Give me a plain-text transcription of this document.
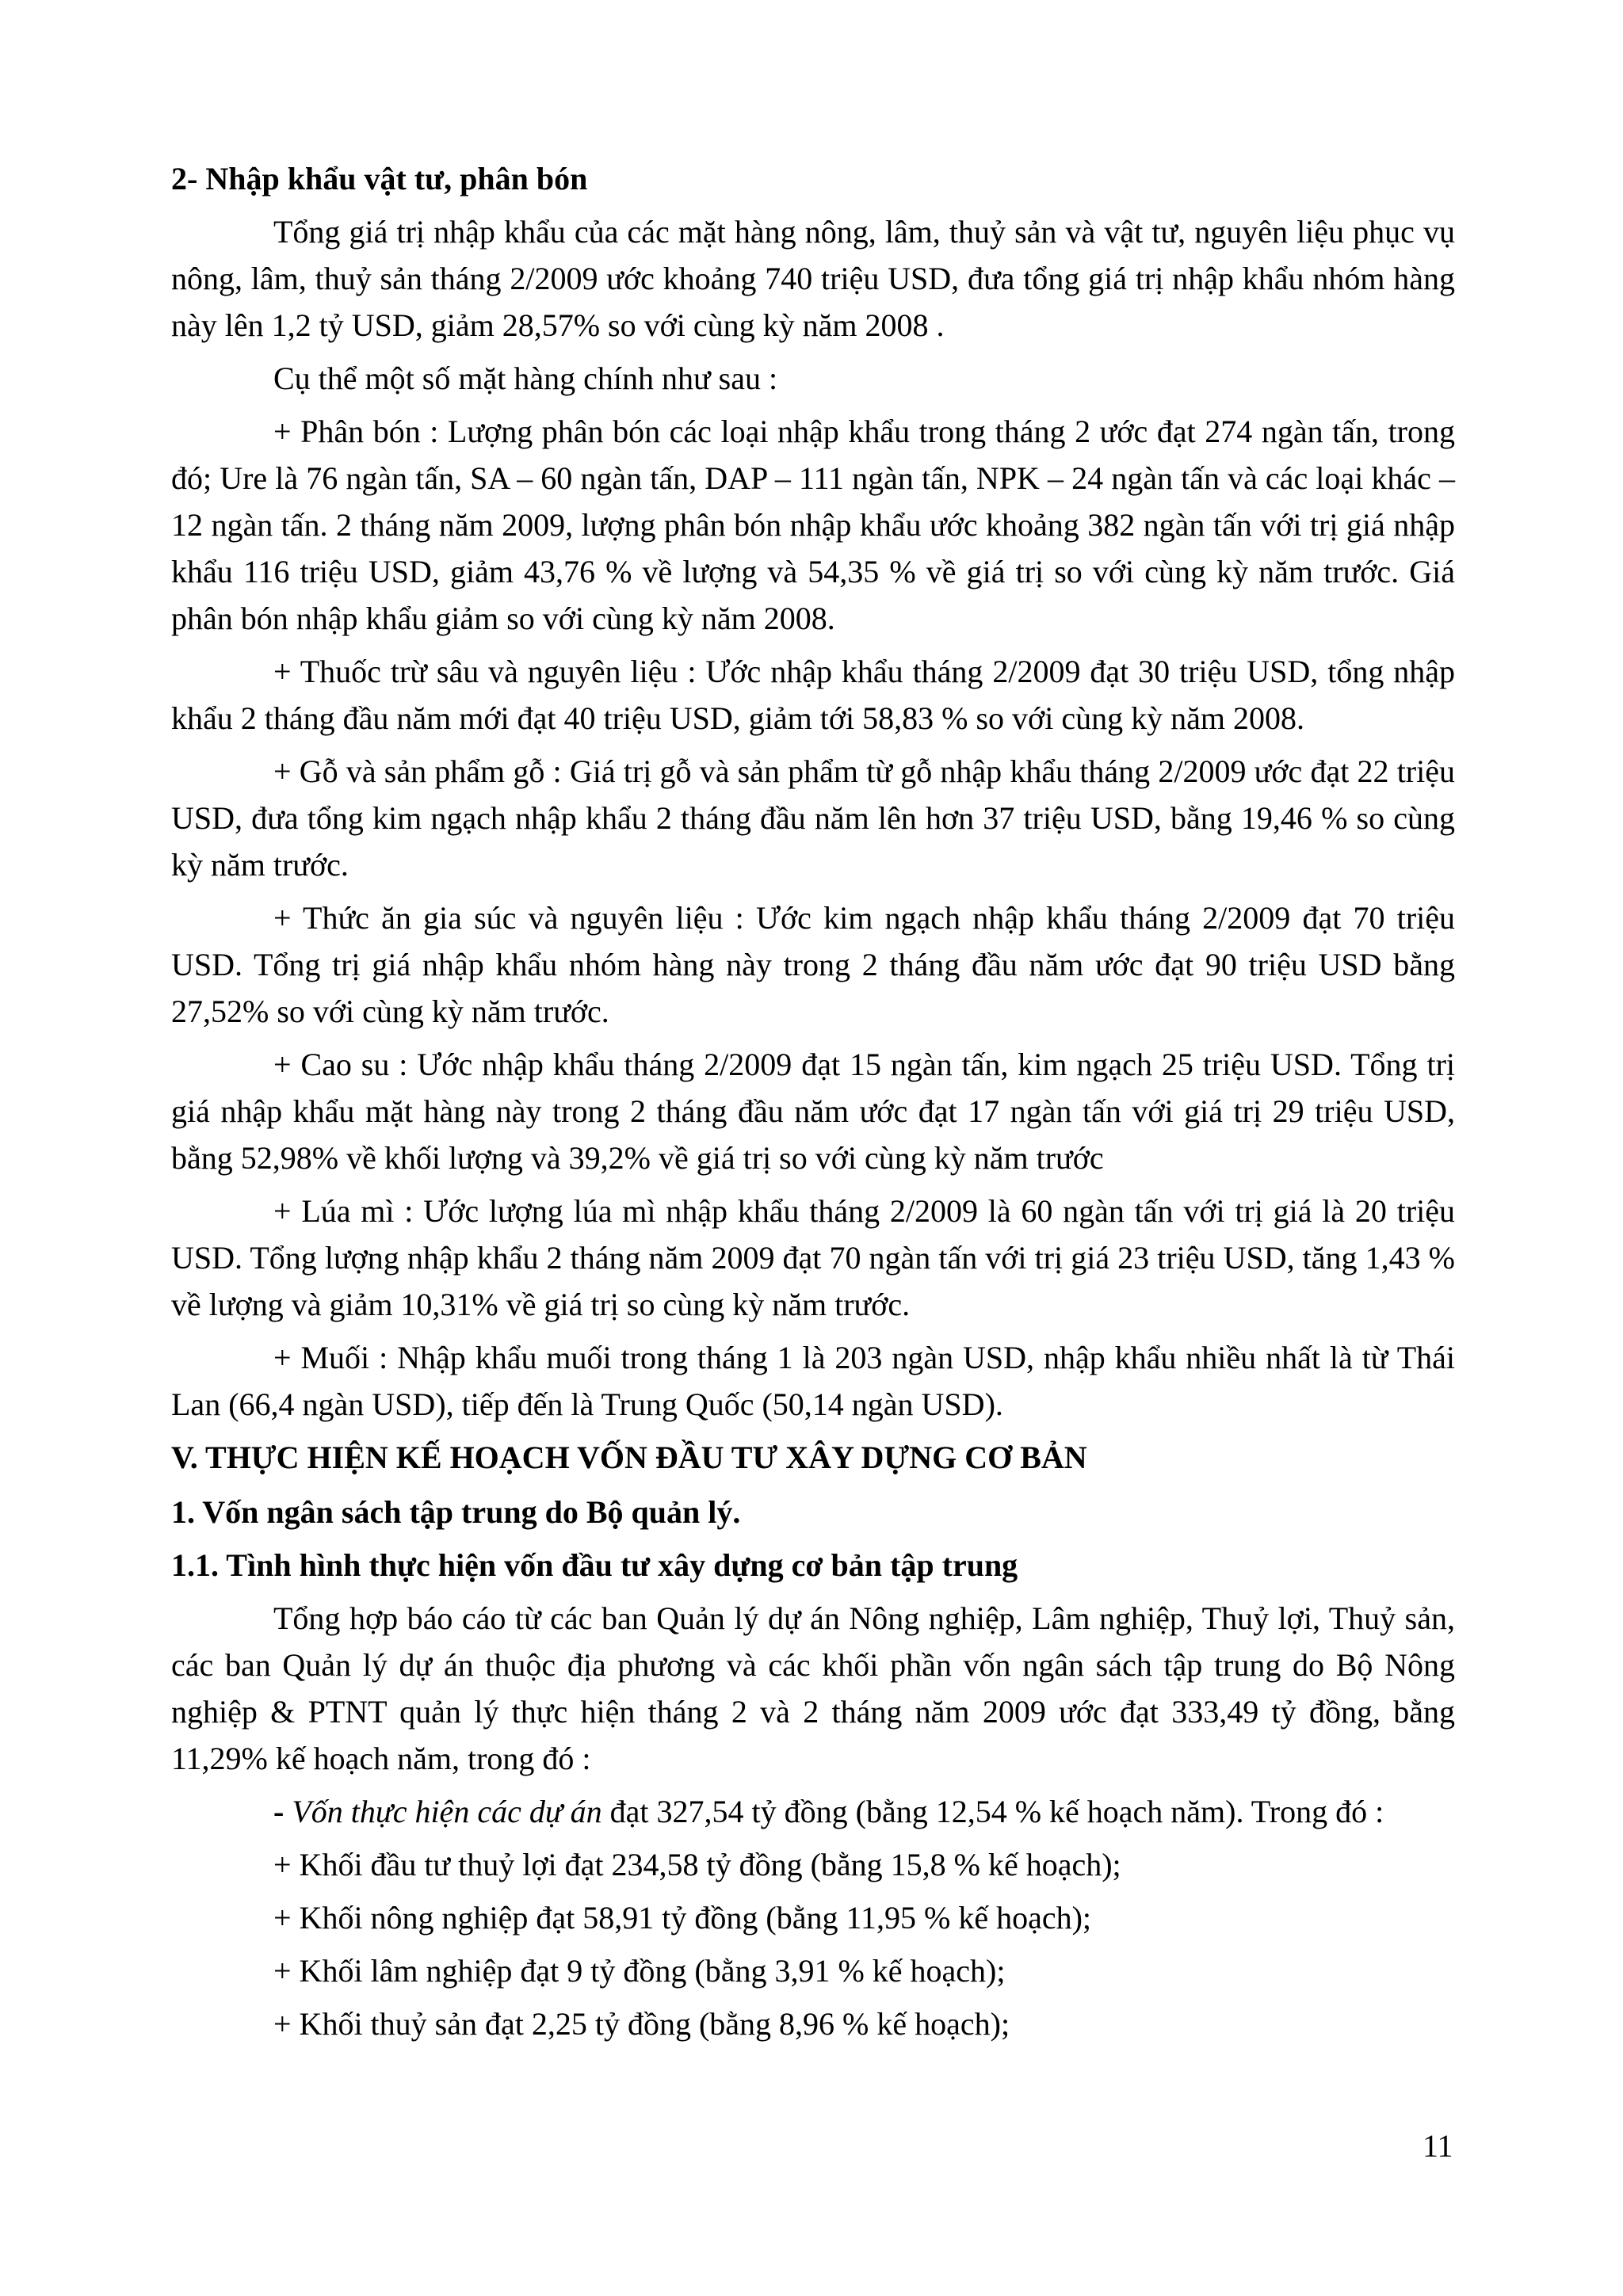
2- Nhập khẩu vật tư, phân bón
Tổng giá trị nhập khẩu của các mặt hàng nông, lâm, thuỷ sản và vật tư, nguyên liệu phục vụ nông, lâm, thuỷ sản tháng 2/2009 ước khoảng 740 triệu USD, đưa tổng giá trị nhập khẩu nhóm hàng này lên 1,2 tỷ USD, giảm 28,57% so với cùng kỳ năm 2008 .
Cụ thể một số mặt hàng chính như sau :
+ Phân bón : Lượng phân bón các loại nhập khẩu trong tháng 2 ước đạt 274 ngàn tấn, trong đó; Ure là 76 ngàn tấn, SA – 60 ngàn tấn, DAP – 111 ngàn tấn, NPK – 24 ngàn tấn và các loại khác – 12 ngàn tấn. 2 tháng năm 2009, lượng phân bón nhập khẩu ước khoảng 382 ngàn tấn với trị giá nhập khẩu 116 triệu USD, giảm 43,76 % về lượng và 54,35 % về giá trị so với cùng kỳ năm trước. Giá phân bón nhập khẩu giảm so với cùng kỳ năm 2008.
+ Thuốc trừ sâu và nguyên liệu : Ước nhập khẩu tháng 2/2009 đạt 30 triệu USD, tổng nhập khẩu 2 tháng đầu năm mới đạt 40 triệu USD, giảm tới 58,83 % so với cùng kỳ năm 2008.
+ Gỗ và sản phẩm gỗ : Giá trị gỗ và sản phẩm từ gỗ nhập khẩu tháng 2/2009 ước đạt 22 triệu USD, đưa tổng kim ngạch nhập khẩu 2 tháng đầu năm lên hơn 37 triệu USD, bằng 19,46 % so cùng kỳ năm trước.
+ Thức ăn gia súc và nguyên liệu : Ước kim ngạch nhập khẩu tháng 2/2009 đạt 70 triệu USD. Tổng trị giá nhập khẩu nhóm hàng này trong 2 tháng đầu năm ước đạt 90 triệu USD bằng 27,52% so với cùng kỳ năm trước.
+ Cao su : Ước nhập khẩu tháng 2/2009 đạt 15 ngàn tấn, kim ngạch 25 triệu USD. Tổng trị giá nhập khẩu mặt hàng này trong 2 tháng đầu năm ước đạt 17 ngàn tấn với giá trị 29 triệu USD, bằng 52,98% về khối lượng và 39,2% về giá trị so với cùng kỳ năm trước
+ Lúa mì : Ước lượng lúa mì nhập khẩu tháng 2/2009 là 60 ngàn tấn với trị giá là 20 triệu USD. Tổng lượng nhập khẩu 2 tháng năm 2009 đạt 70 ngàn tấn với trị giá 23 triệu USD, tăng 1,43 % về lượng và giảm 10,31% về giá trị so cùng kỳ năm trước.
+ Muối : Nhập khẩu muối trong tháng 1 là 203 ngàn USD, nhập khẩu nhiều nhất là từ Thái Lan (66,4 ngàn USD), tiếp đến là Trung Quốc (50,14 ngàn USD).
V. THỰC HIỆN KẾ HOẠCH VỐN ĐẦU TƯ XÂY DỰNG CƠ BẢN
1. Vốn ngân sách tập trung do Bộ quản lý.
1.1. Tình hình thực hiện vốn đầu tư xây dựng cơ bản tập trung
Tổng hợp báo cáo từ các ban Quản lý dự án Nông nghiệp, Lâm nghiệp, Thuỷ lợi, Thuỷ sản, các ban Quản lý dự án thuộc địa phương và các khối phần vốn ngân sách tập trung do Bộ Nông nghiệp & PTNT quản lý thực hiện tháng 2 và 2 tháng năm 2009 ước đạt 333,49 tỷ đồng, bằng 11,29% kế hoạch năm, trong đó :
- Vốn thực hiện các dự án đạt 327,54 tỷ đồng (bằng 12,54 % kế hoạch năm). Trong đó :
+ Khối đầu tư thuỷ lợi đạt 234,58 tỷ đồng (bằng 15,8 % kế hoạch);
+ Khối nông nghiệp đạt 58,91 tỷ đồng (bằng 11,95 % kế hoạch);
+ Khối lâm nghiệp đạt 9 tỷ đồng (bằng 3,91 % kế hoạch);
+ Khối thuỷ sản đạt 2,25 tỷ đồng (bằng 8,96 % kế hoạch);
11
